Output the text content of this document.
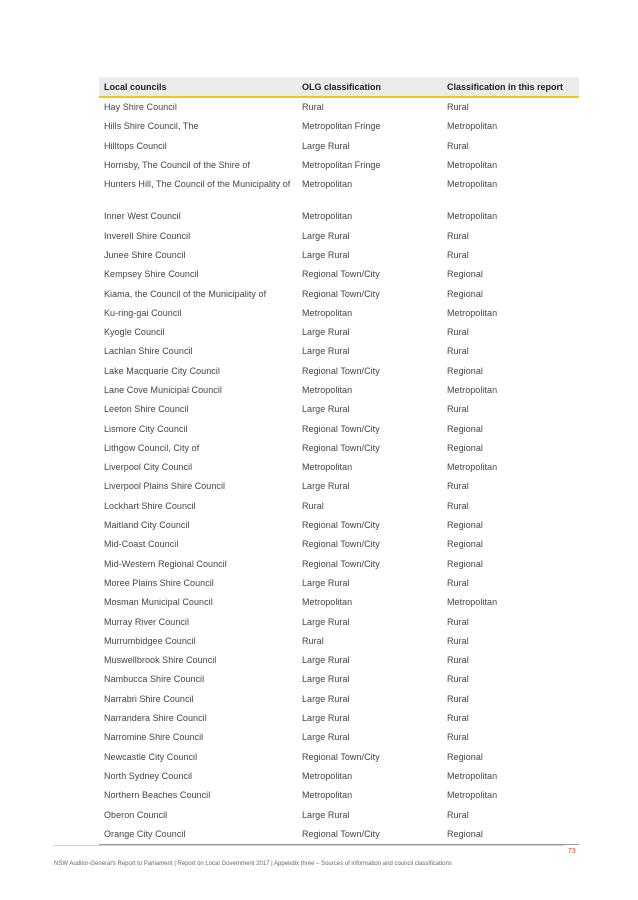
Local councils	OLG classification	Classification in this report
Hay Shire Council	Rural	Rural
Hills Shire Council, The	Metropolitan Fringe	Metropolitan
Hilltops Council	Large Rural	Rural
Hornsby, The Council of the Shire of	Metropolitan Fringe	Metropolitan
Hunters Hill, The Council of the Municipality of	Metropolitan	Metropolitan
Inner West Council	Metropolitan	Metropolitan
Inverell Shire Council	Large Rural	Rural
Junee Shire Council	Large Rural	Rural
Kempsey Shire Council	Regional Town/City	Regional
Kiama, the Council of the Municipality of	Regional Town/City	Regional
Ku-ring-gai Council	Metropolitan	Metropolitan
Kyogle Council	Large Rural	Rural
Lachlan Shire Council	Large Rural	Rural
Lake Macquarie City Council	Regional Town/City	Regional
Lane Cove Municipal Council	Metropolitan	Metropolitan
Leeton Shire Council	Large Rural	Rural
Lismore City Council	Regional Town/City	Regional
Lithgow Council, City of	Regional Town/City	Regional
Liverpool City Council	Metropolitan	Metropolitan
Liverpool Plains Shire Council	Large Rural	Rural
Lockhart Shire Council	Rural	Rural
Maitland City Council	Regional Town/City	Regional
Mid-Coast Council	Regional Town/City	Regional
Mid-Western Regional Council	Regional Town/City	Regional
Moree Plains Shire Council	Large Rural	Rural
Mosman Municipal Council	Metropolitan	Metropolitan
Murray River Council	Large Rural	Rural
Murrumbidgee Council	Rural	Rural
Muswellbrook Shire Council	Large Rural	Rural
Nambucca Shire Council	Large Rural	Rural
Narrabri Shire Council	Large Rural	Rural
Narrandera Shire Council	Large Rural	Rural
Narromine Shire Council	Large Rural	Rural
Newcastle City Council	Regional Town/City	Regional
North Sydney Council	Metropolitan	Metropolitan
Northern Beaches Council	Metropolitan	Metropolitan
Oberon Council	Large Rural	Rural
Orange City Council	Regional Town/City	Regional
73
NSW Auditor-General's Report to Parliament | Report on Local Government 2017 | Appendix three – Sources of information and council classifications
